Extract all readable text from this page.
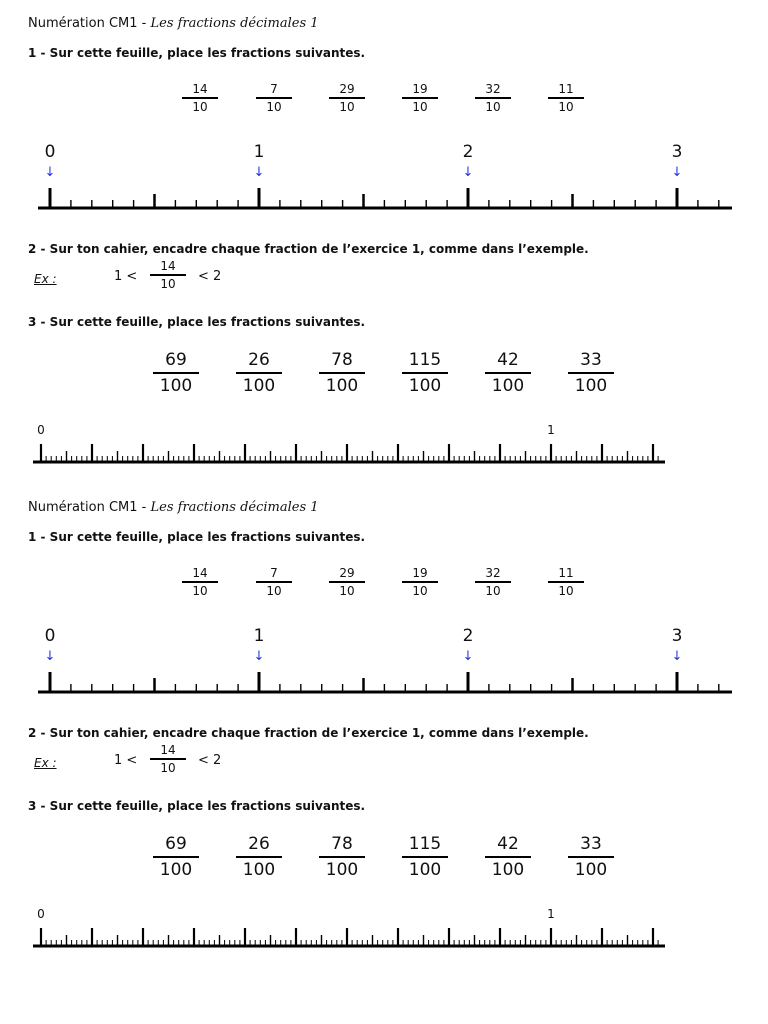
Numération CM1 - Les fractions décimales 1
1 - Sur cette feuille, place les fractions suivantes.
14
10
7
10
29
10
19
10
32
10
11
10
0	1	2	3
↓	↓	↓	↓
2 - Sur ton cahier, encadre chaque fraction de l’exercice 1, comme dans l’exemple.
Ex :	1 <
14
10 < 2
3 - Sur cette feuille, place les fractions suivantes.
69
100
26
100
78
100
115
100
42
100
33
100
0	1
Numération CM1 - Les fractions décimales 1
1 - Sur cette feuille, place les fractions suivantes.
14
10
7
10
29
10
19
10
32
10
11
10
0	1	2	3
↓	↓	↓	↓
2 - Sur ton cahier, encadre chaque fraction de l’exercice 1, comme dans l’exemple.
Ex :	1 <
14
10 < 2
3 - Sur cette feuille, place les fractions suivantes.
69
100
26
100
78
100
115
100
42
100
33
100
0	1
